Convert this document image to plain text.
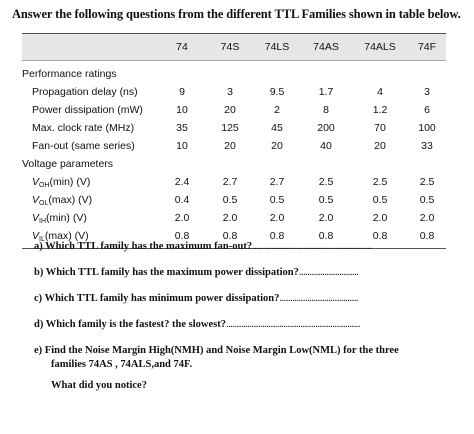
Answer the following questions from the different TTL Families shown in table below.
74	74S	74LS	74AS	74ALS	74F
Performance ratings
Propagation delay (ns)	9	3	9.5	1.7	4	3
Power dissipation (mW)	10	20	2	8	1.2	6
Max. clock rate (MHz)	35	125	45	200	70	100
Fan-out (same series)	10	20	20	40	20	33
Voltage parameters
$V_{OH}(\min)$ (V)	2.4	2.7	2.7	2.5	2.5	2.5
$V_{OL}(\max)$ (V)	0.4	0.5	0.5	0.5	0.5	0.5
$V_{IH}(\min)$ (V)	2.0	2.0	2.0	2.0	2.0	2.0
$V_{IL}(\max)$ (V)	0.8	0.8	0.8	0.8	0.8	0.8
a) Which TTL family has the maximum fan-out?........................................................
b) Which TTL family has the maximum power dissipation?............................
c) Which TTL family has minimum power dissipation?.....................................
d) Which family is the fastest? the slowest?...............................................................
e) Find the Noise Margin High(NMH) and Noise Margin Low(NML) for the three
families 74AS , 74ALS,and 74F.
What did you notice?
